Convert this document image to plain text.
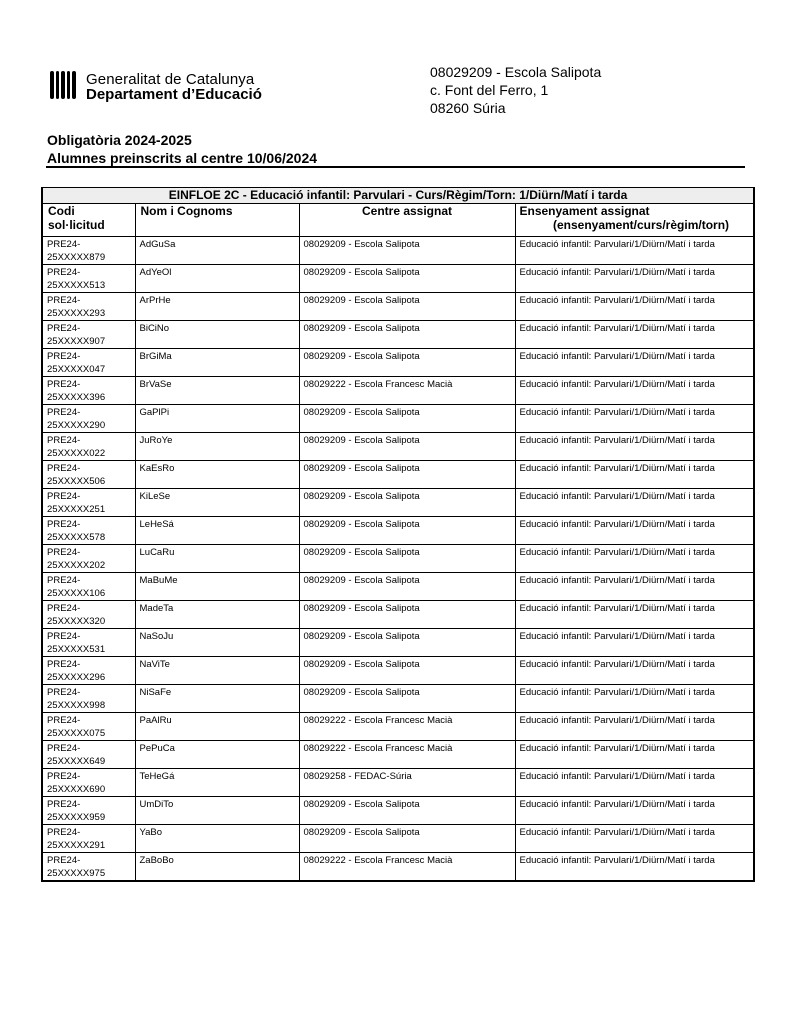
Generalitat de Catalunya
Departament d’Educació
08029209 - Escola Salipota
c. Font del Ferro, 1
08260 Súria
Obligatòria 2024-2025
Alumnes preinscrits al centre 10/06/2024
EINFLOE 2C - Educació infantil: Parvulari - Curs/Règim/Torn: 1/Diürn/Matí i tarda			
Codi
sol·licitud	Nom i Cognoms	Centre assignat	Ensenyament assignat
(ensenyament/curs/règim/torn)

PRE24-
25XXXXX879	AdGuSa	08029209 - Escola Salipota	Educació infantil: Parvulari/1/Diürn/Matí i tarda
PRE24-
25XXXXX513	AdYeOl	08029209 - Escola Salipota	Educació infantil: Parvulari/1/Diürn/Matí i tarda
PRE24-
25XXXXX293	ArPrHe	08029209 - Escola Salipota	Educació infantil: Parvulari/1/Diürn/Matí i tarda
PRE24-
25XXXXX907	BiCiNo	08029209 - Escola Salipota	Educació infantil: Parvulari/1/Diürn/Matí i tarda
PRE24-
25XXXXX047	BrGiMa	08029209 - Escola Salipota	Educació infantil: Parvulari/1/Diürn/Matí i tarda
PRE24-
25XXXXX396	BrVaSe	08029222 - Escola Francesc Macià	Educació infantil: Parvulari/1/Diürn/Matí i tarda
PRE24-
25XXXXX290	GaPlPi	08029209 - Escola Salipota	Educació infantil: Parvulari/1/Diürn/Matí i tarda
PRE24-
25XXXXX022	JuRoYe	08029209 - Escola Salipota	Educació infantil: Parvulari/1/Diürn/Matí i tarda
PRE24-
25XXXXX506	KaEsRo	08029209 - Escola Salipota	Educació infantil: Parvulari/1/Diürn/Matí i tarda
PRE24-
25XXXXX251	KiLeSe	08029209 - Escola Salipota	Educació infantil: Parvulari/1/Diürn/Matí i tarda
PRE24-
25XXXXX578	LeHeSá	08029209 - Escola Salipota	Educació infantil: Parvulari/1/Diürn/Matí i tarda
PRE24-
25XXXXX202	LuCaRu	08029209 - Escola Salipota	Educació infantil: Parvulari/1/Diürn/Matí i tarda
PRE24-
25XXXXX106	MaBuMe	08029209 - Escola Salipota	Educació infantil: Parvulari/1/Diürn/Matí i tarda
PRE24-
25XXXXX320	MadeTa	08029209 - Escola Salipota	Educació infantil: Parvulari/1/Diürn/Matí i tarda
PRE24-
25XXXXX531	NaSoJu	08029209 - Escola Salipota	Educació infantil: Parvulari/1/Diürn/Matí i tarda
PRE24-
25XXXXX296	NaViTe	08029209 - Escola Salipota	Educació infantil: Parvulari/1/Diürn/Matí i tarda
PRE24-
25XXXXX998	NiSaFe	08029209 - Escola Salipota	Educació infantil: Parvulari/1/Diürn/Matí i tarda
PRE24-
25XXXXX075	PaAlRu	08029222 - Escola Francesc Macià	Educació infantil: Parvulari/1/Diürn/Matí i tarda
PRE24-
25XXXXX649	PePuCa	08029222 - Escola Francesc Macià	Educació infantil: Parvulari/1/Diürn/Matí i tarda
PRE24-
25XXXXX690	TeHeGá	08029258 - FEDAC-Súria	Educació infantil: Parvulari/1/Diürn/Matí i tarda
PRE24-
25XXXXX959	UmDiTo	08029209 - Escola Salipota	Educació infantil: Parvulari/1/Diürn/Matí i tarda
PRE24-
25XXXXX291	YaBo	08029209 - Escola Salipota	Educació infantil: Parvulari/1/Diürn/Matí i tarda
PRE24-
25XXXXX975	ZaBoBo	08029222 - Escola Francesc Macià	Educació infantil: Parvulari/1/Diürn/Matí i tarda
